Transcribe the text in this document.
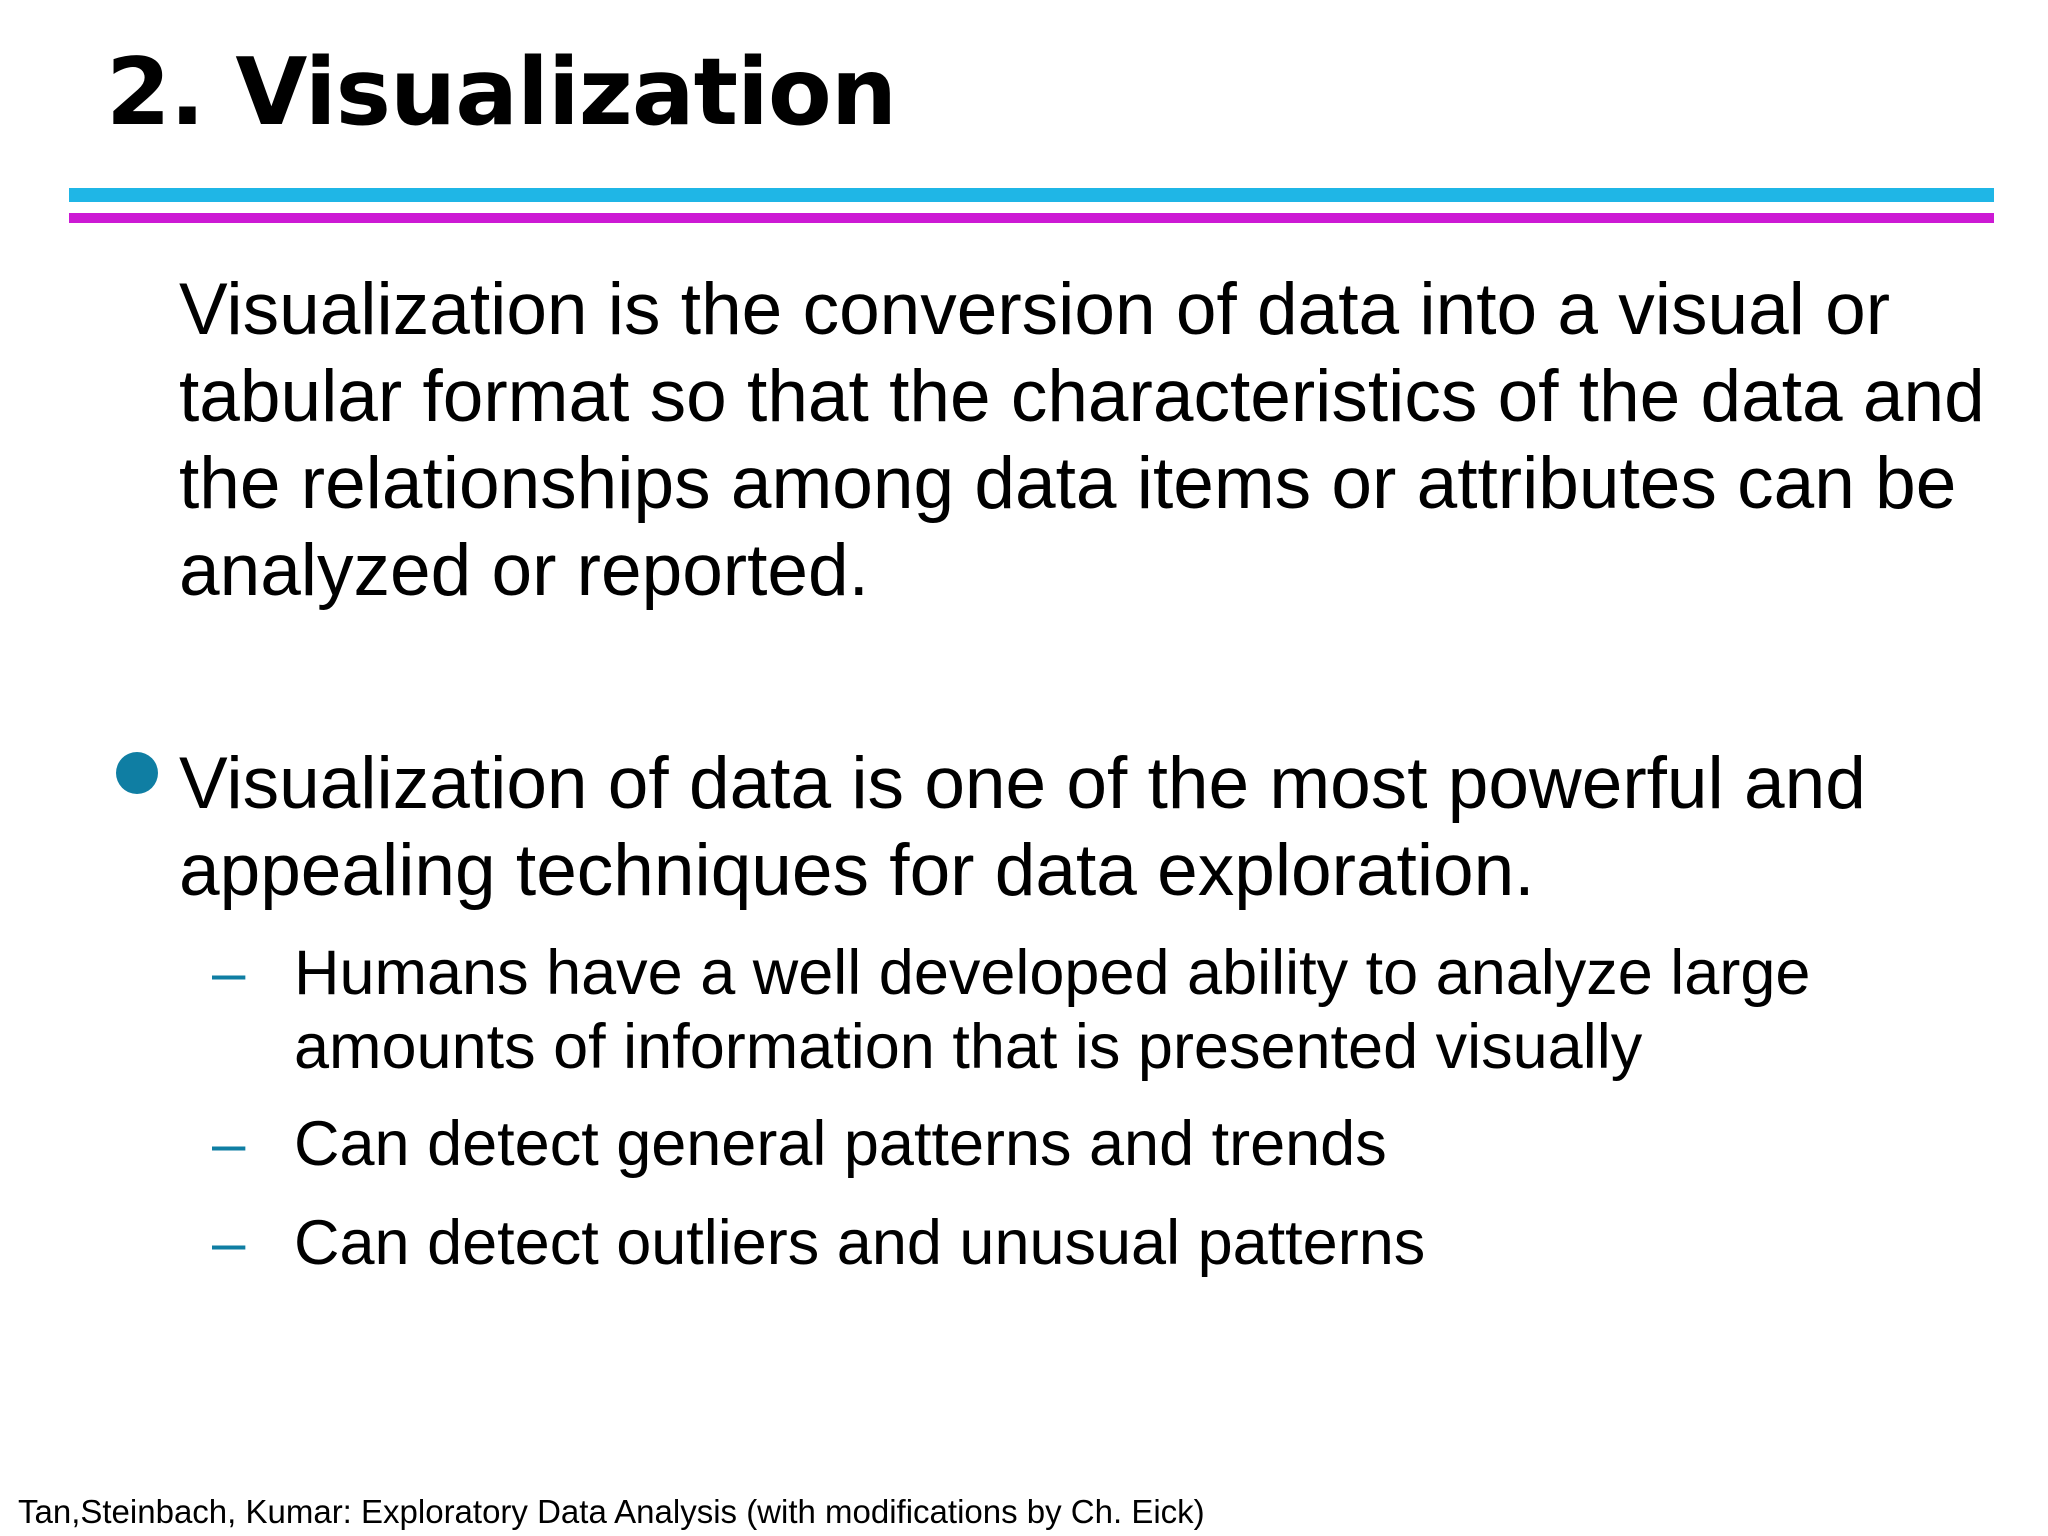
2. Visualization

Visualization is the conversion of data into a visual or tabular format so that the characteristics of the data and the relationships among data items or attributes can be analyzed or reported.

Visualization of data is one of the most powerful and appealing techniques for data exploration.

– Humans have a well developed ability to analyze large amounts of information that is presented visually

– Can detect general patterns and trends

– Can detect outliers and unusual patterns

Tan,Steinbach, Kumar: Exploratory Data Analysis (with modifications by Ch. Eick)
